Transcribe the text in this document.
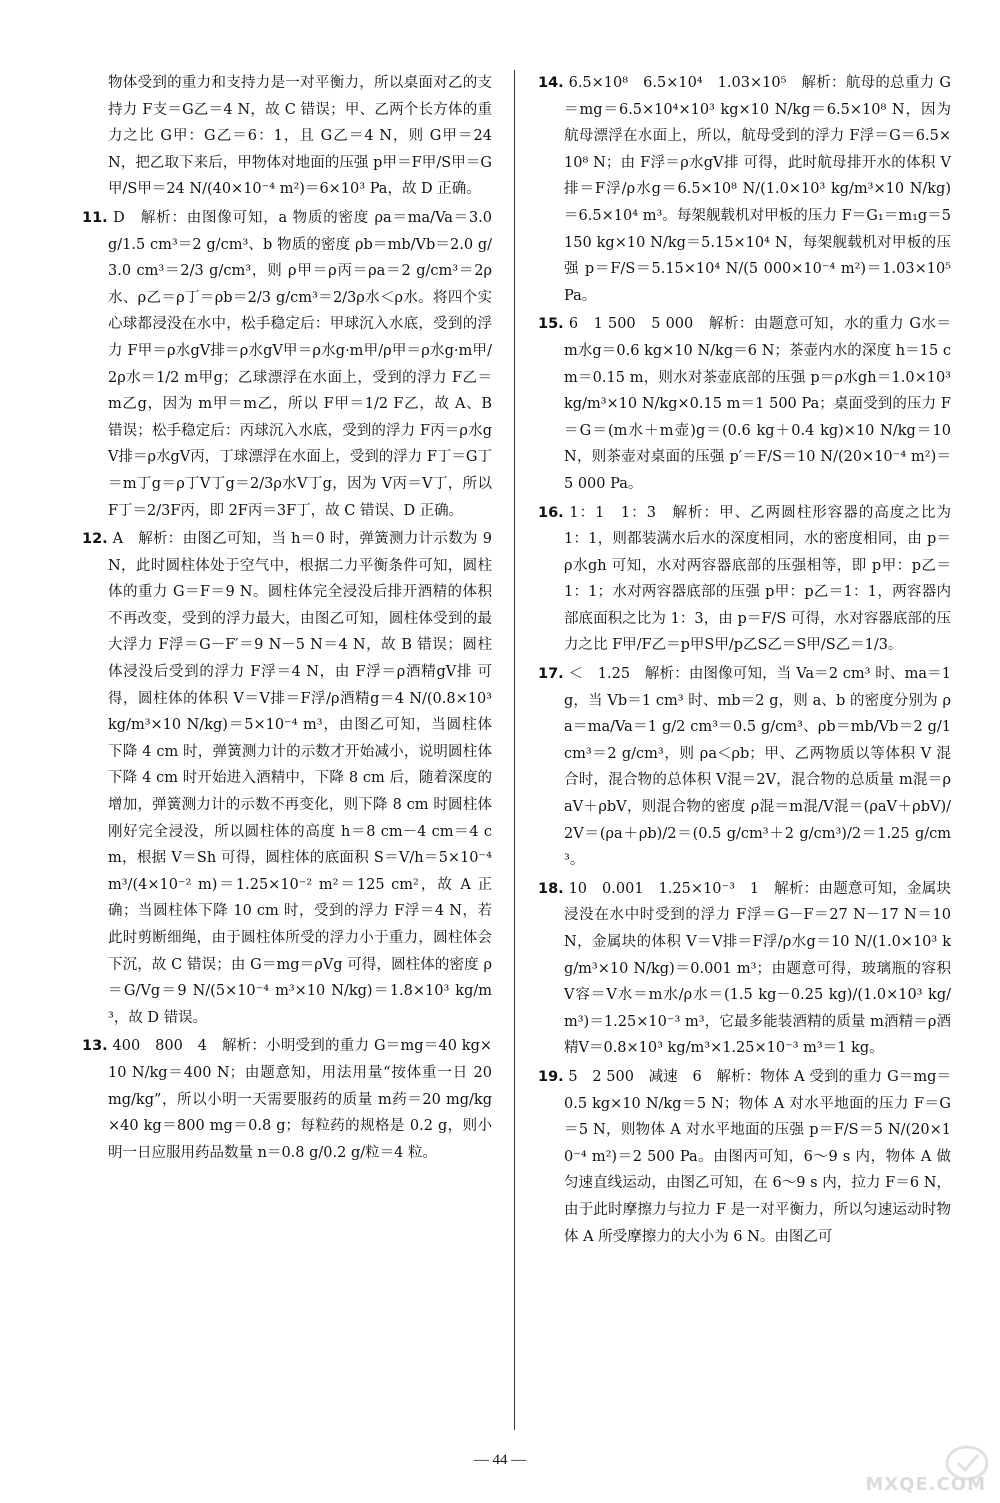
物体受到的重力和支持力是一对平衡力，所以桌面对乙的支持力 F支＝G乙＝4 N，故 C 错误；甲、乙两个长方体的重力之比 G甲：G乙＝6：1，且 G乙＝4 N，则 G甲＝24 N，把乙取下来后，甲物体对地面的压强 p甲＝F甲/S甲＝G甲/S甲＝24 N/(40×10⁻⁴ m²)＝6×10³ Pa，故 D 正确。

11. D　解析：由图像可知，a 物质的密度 ρa＝ma/Va＝3.0 g/1.5 cm³＝2 g/cm³、b 物质的密度 ρb＝mb/Vb＝2.0 g/3.0 cm³＝2/3 g/cm³，则 ρ甲＝ρ丙＝ρa＝2 g/cm³＝2ρ水、ρ乙＝ρ丁＝ρb＝2/3 g/cm³＝2/3ρ水＜ρ水。将四个实心球都浸没在水中，松手稳定后：甲球沉入水底，受到的浮力 F甲＝ρ水gV排＝ρ水gV甲＝ρ水g·m甲/ρ甲＝ρ水g·m甲/2ρ水＝1/2 m甲g；乙球漂浮在水面上，受到的浮力 F乙＝m乙g，因为 m甲＝m乙，所以 F甲＝1/2 F乙，故 A、B 错误；松手稳定后：丙球沉入水底，受到的浮力 F丙＝ρ水gV排＝ρ水gV丙，丁球漂浮在水面上，受到的浮力 F丁＝G丁＝m丁g＝ρ丁V丁g＝2/3ρ水V丁g，因为 V丙＝V丁，所以 F丁＝2/3F丙，即 2F丙＝3F丁，故 C 错误、D 正确。

12. A　解析：由图乙可知，当 h＝0 时，弹簧测力计示数为 9 N，此时圆柱体处于空气中，根据二力平衡条件可知，圆柱体的重力 G＝F＝9 N。圆柱体完全浸没后排开酒精的体积不再改变，受到的浮力最大，由图乙可知，圆柱体受到的最大浮力 F浮＝G－F′＝9 N－5 N＝4 N，故 B 错误；圆柱体浸没后受到的浮力 F浮＝4 N，由 F浮＝ρ酒精gV排 可得，圆柱体的体积 V＝V排＝F浮/ρ酒精g＝4 N/(0.8×10³ kg/m³×10 N/kg)＝5×10⁻⁴ m³，由图乙可知，当圆柱体下降 4 cm 时，弹簧测力计的示数才开始减小，说明圆柱体下降 4 cm 时开始进入酒精中，下降 8 cm 后，随着深度的增加，弹簧测力计的示数不再变化，则下降 8 cm 时圆柱体刚好完全浸没，所以圆柱体的高度 h＝8 cm－4 cm＝4 cm，根据 V＝Sh 可得，圆柱体的底面积 S＝V/h＝5×10⁻⁴ m³/(4×10⁻² m)＝1.25×10⁻² m²＝125 cm²，故 A 正确；当圆柱体下降 10 cm 时，受到的浮力 F浮＝4 N，若此时剪断细绳，由于圆柱体所受的浮力小于重力，圆柱体会下沉，故 C 错误；由 G＝mg＝ρVg 可得，圆柱体的密度 ρ＝G/Vg＝9 N/(5×10⁻⁴ m³×10 N/kg)＝1.8×10³ kg/m³，故 D 错误。

13. 400　800　4　解析：小明受到的重力 G＝mg＝40 kg×10 N/kg＝400 N；由题意知，用法用量“按体重一日 20 mg/kg”，所以小明一天需要服药的质量 m药＝20 mg/kg×40 kg＝800 mg＝0.8 g；每粒药的规格是 0.2 g，则小明一日应服用药品数量 n＝0.8 g/0.2 g/粒＝4 粒。

14. 6.5×10⁸　6.5×10⁴　1.03×10⁵　解析：航母的总重力 G＝mg＝6.5×10⁴×10³ kg×10 N/kg＝6.5×10⁸ N，因为航母漂浮在水面上，所以，航母受到的浮力 F浮＝G＝6.5×10⁸ N；由 F浮＝ρ水gV排 可得，此时航母排开水的体积 V排＝F浮/ρ水g＝6.5×10⁸ N/(1.0×10³ kg/m³×10 N/kg)＝6.5×10⁴ m³。每架舰载机对甲板的压力 F＝G₁＝m₁g＝5 150 kg×10 N/kg＝5.15×10⁴ N，每架舰载机对甲板的压强 p＝F/S＝5.15×10⁴ N/(5 000×10⁻⁴ m²)＝1.03×10⁵ Pa。

15. 6　1 500　5 000　解析：由题意可知，水的重力 G水＝m水g＝0.6 kg×10 N/kg＝6 N；茶壶内水的深度 h＝15 cm＝0.15 m，则水对茶壶底部的压强 p＝ρ水gh＝1.0×10³ kg/m³×10 N/kg×0.15 m＝1 500 Pa；桌面受到的压力 F＝G＝(m水＋m壶)g＝(0.6 kg＋0.4 kg)×10 N/kg＝10 N，则茶壶对桌面的压强 p′＝F/S＝10 N/(20×10⁻⁴ m²)＝5 000 Pa。

16. 1：1　1：3　解析：甲、乙两圆柱形容器的高度之比为 1：1，则都装满水后水的深度相同，水的密度相同，由 p＝ρ水gh 可知，水对两容器底部的压强相等，即 p甲：p乙＝1：1；水对两容器底部的压强 p甲：p乙＝1：1，两容器内部底面积之比为 1：3，由 p＝F/S 可得，水对容器底部的压力之比 F甲/F乙＝p甲S甲/p乙S乙＝S甲/S乙＝1/3。

17. ＜　1.25　解析：由图像可知，当 Va＝2 cm³ 时、ma＝1 g，当 Vb＝1 cm³ 时、mb＝2 g，则 a、b 的密度分别为 ρa＝ma/Va＝1 g/2 cm³＝0.5 g/cm³、ρb＝mb/Vb＝2 g/1 cm³＝2 g/cm³，则 ρa＜ρb；甲、乙两物质以等体积 V 混合时，混合物的总体积 V混＝2V，混合物的总质量 m混＝ρaV＋ρbV，则混合物的密度 ρ混＝m混/V混＝(ρaV＋ρbV)/2V＝(ρa＋ρb)/2＝(0.5 g/cm³＋2 g/cm³)/2＝1.25 g/cm³。

18. 10　0.001　1.25×10⁻³　1　解析：由题意可知，金属块浸没在水中时受到的浮力 F浮＝G－F＝27 N－17 N＝10 N，金属块的体积 V＝V排＝F浮/ρ水g＝10 N/(1.0×10³ kg/m³×10 N/kg)＝0.001 m³；由题意可得，玻璃瓶的容积 V容＝V水＝m水/ρ水＝(1.5 kg－0.25 kg)/(1.0×10³ kg/m³)＝1.25×10⁻³ m³，它最多能装酒精的质量 m酒精＝ρ酒精V＝0.8×10³ kg/m³×1.25×10⁻³ m³＝1 kg。

19. 5　2 500　减速　6　解析：物体 A 受到的重力 G＝mg＝0.5 kg×10 N/kg＝5 N；物体 A 对水平地面的压力 F＝G＝5 N，则物体 A 对水平地面的压强 p＝F/S＝5 N/(20×10⁻⁴ m²)＝2 500 Pa。由图丙可知，6～9 s 内，物体 A 做匀速直线运动，由图乙可知，在 6～9 s 内，拉力 F＝6 N，由于此时摩擦力与拉力 F 是一对平衡力，所以匀速运动时物体 A 所受摩擦力的大小为 6 N。由图乙可

— 44 —
MXQE.COM
